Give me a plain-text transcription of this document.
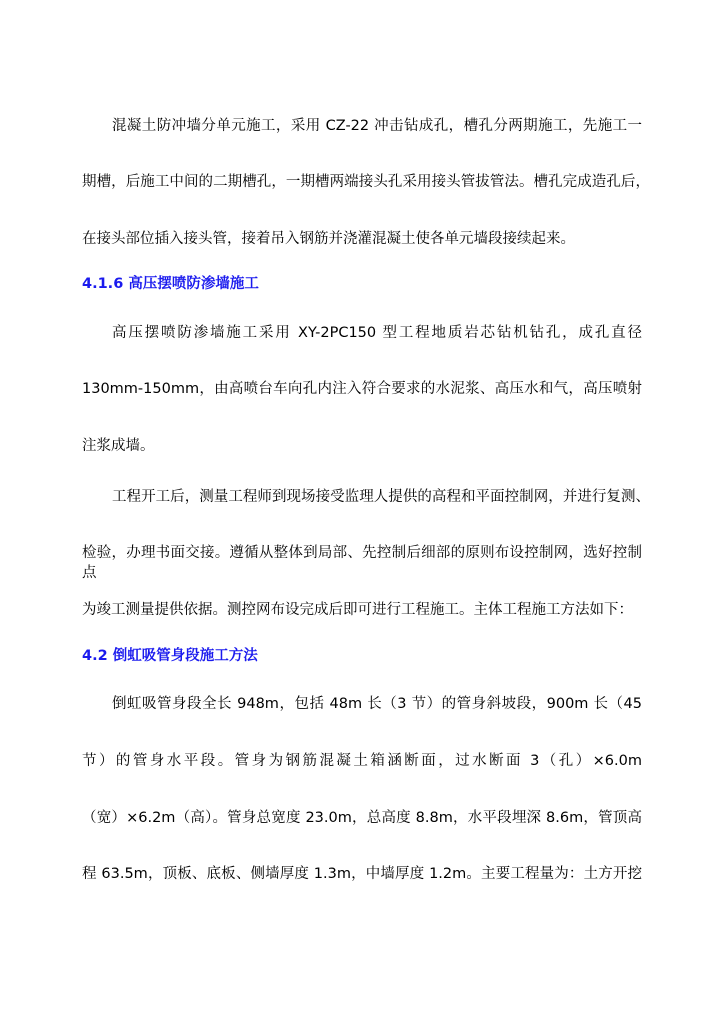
混凝土防冲墙分单元施工，采用 CZ-22 冲击钻成孔，槽孔分两期施工，先施工一
期槽，后施工中间的二期槽孔，一期槽两端接头孔采用接头管拔管法。槽孔完成造孔后，
在接头部位插入接头管，接着吊入钢筋并浇灌混凝土使各单元墙段接续起来。
4.1.6 高压摆喷防渗墙施工
高压摆喷防渗墙施工采用 XY-2PC150 型工程地质岩芯钻机钻孔，成孔直径
130mm-150mm，由高喷台车向孔内注入符合要求的水泥浆、高压水和气，高压喷射
注浆成墙。
工程开工后，测量工程师到现场接受监理人提供的高程和平面控制网，并进行复测、
检验，办理书面交接。遵循从整体到局部、先控制后细部的原则布设控制网，选好控制点
为竣工测量提供依据。测控网布设完成后即可进行工程施工。主体工程施工方法如下：
4.2 倒虹吸管身段施工方法
倒虹吸管身段全长 948m，包括 48m 长（3 节）的管身斜坡段，900m 长（45
节）的管身水平段。管身为钢筋混凝土箱涵断面，过水断面 3（孔）×6.0m
（宽）×6.2m（高）。管身总宽度 23.0m，总高度 8.8m，水平段埋深 8.6m，管顶高
程 63.5m，顶板、底板、侧墙厚度 1.3m，中墙厚度 1.2m。主要工程量为：土方开挖
